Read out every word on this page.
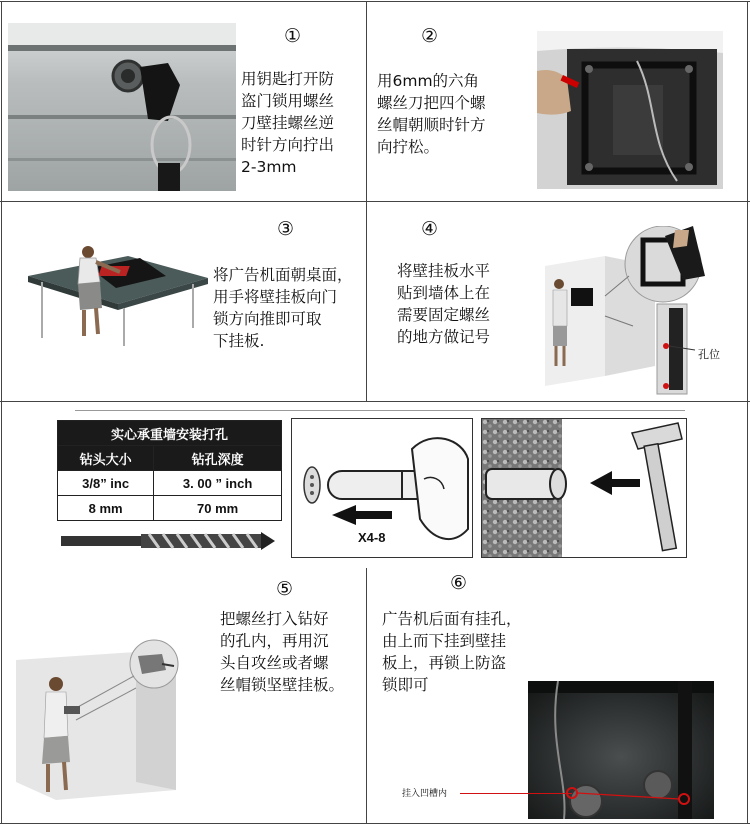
①
用钥匙打开防
盗门锁用螺丝
刀壁挂螺丝逆
时针方向拧出
2-3mm
②
用6mm的六角
螺丝刀把四个螺
丝帽朝顺时针方
向拧松。
③
将广告机面朝桌面，
用手将壁挂板向门
锁方向推即可取
下挂板.
④
将壁挂板水平
贴到墙体上在
需要固定螺丝
的地方做记号
孔位
实心承重墙安装打孔	
钻头大小	钻孔深度
3/8” inc	3. 00 ” inch
8 mm	70 mm
X4-8
⑤
把螺丝打入钻好
的孔内，再用沉
头自攻丝或者螺
丝帽锁坚壁挂板。
⑥
广告机后面有挂孔，
由上而下挂到壁挂
板上，再锁上防盗
锁即可
挂入凹槽内
